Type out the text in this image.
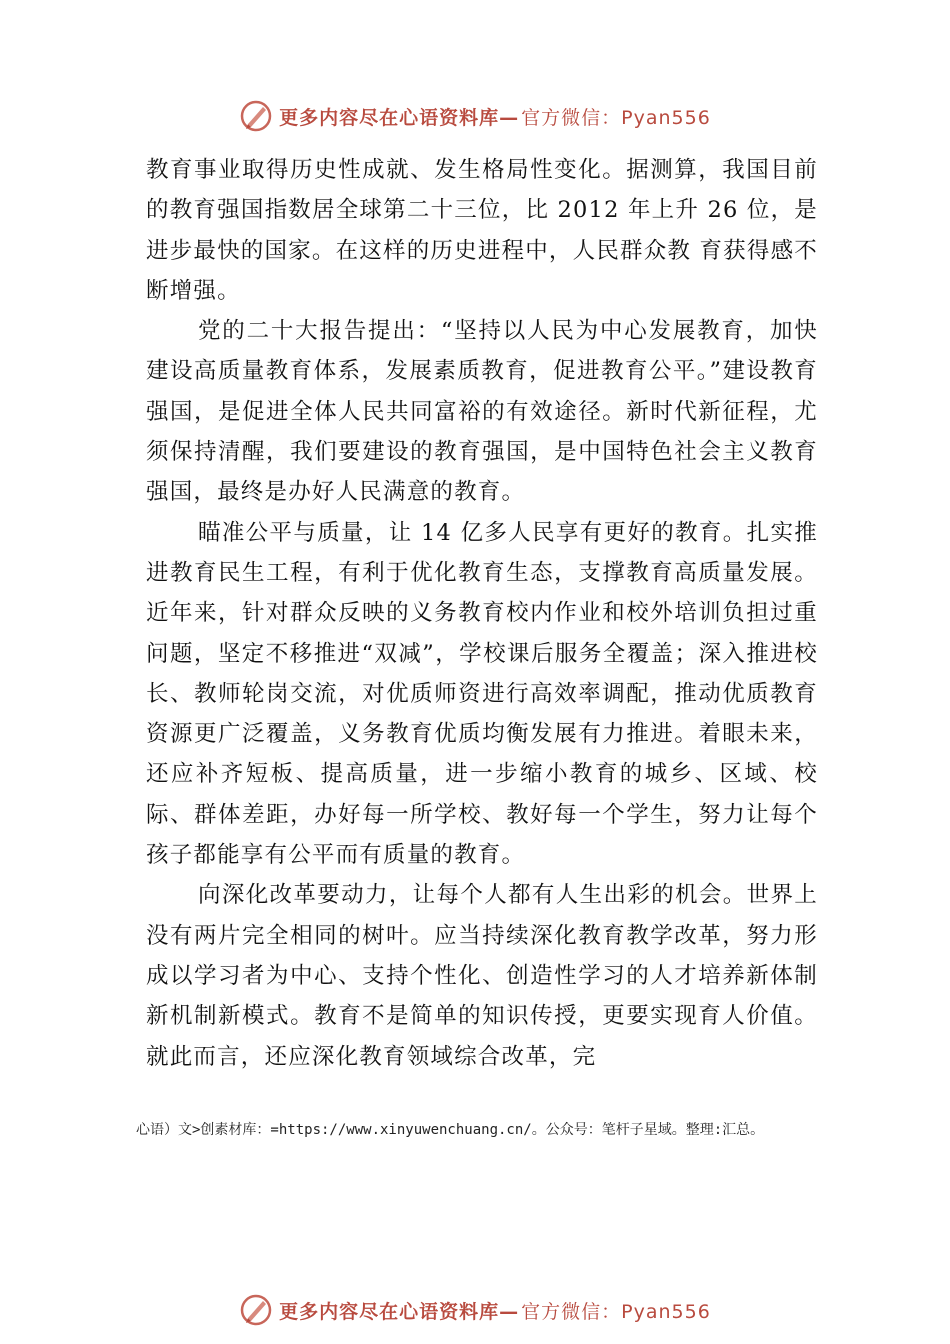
更多内容尽在心语资料库— 官方微信：Pyan556

教育事业取得历史性成就、发生格局性变化。据测算，我国目前的教育强国指数居全球第二十三位，比 2012 年上升 26 位，是进步最快的国家。在这样的历史进程中，人民群众教 育获得感不断增强。

党的二十大报告提出：“坚持以人民为中心发展教育，加快建设高质量教育体系，发展素质教育，促进教育公平。”建设教育强国，是促进全体人民共同富裕的有效途径。新时代新征程，尤须保持清醒，我们要建设的教育强国，是中国特色社会主义教育强国，最终是办好人民满意的教育。

瞄准公平与质量，让 14 亿多人民享有更好的教育。扎实推进教育民生工程，有利于优化教育生态，支撑教育高质量发展。近年来，针对群众反映的义务教育校内作业和校外培训负担过重问题，坚定不移推进“双减”，学校课后服务全覆盖；深入推进校长、教师轮岗交流，对优质师资进行高效率调配，推动优质教育资源更广泛覆盖，义务教育优质均衡发展有力推进。着眼未来，还应补齐短板、提高质量，进一步缩小教育的城乡、区域、校际、群体差距，办好每一所学校、教好每一个学生，努力让每个孩子都能享有公平而有质量的教育。

向深化改革要动力，让每个人都有人生出彩的机会。世界上没有两片完全相同的树叶。应当持续深化教育教学改革，努力形成以学习者为中心、支持个性化、创造性学习的人才培养新体制新机制新模式。教育不是简单的知识传授，更要实现育人价值。就此而言，还应深化教育领域综合改革，完

心语）文>创素材库：=https://www.xinyuwenchuang.cn/。公众号：笔杆子星域。整理:汇总。
更多内容尽在心语资料库— 官方微信：Pyan556
